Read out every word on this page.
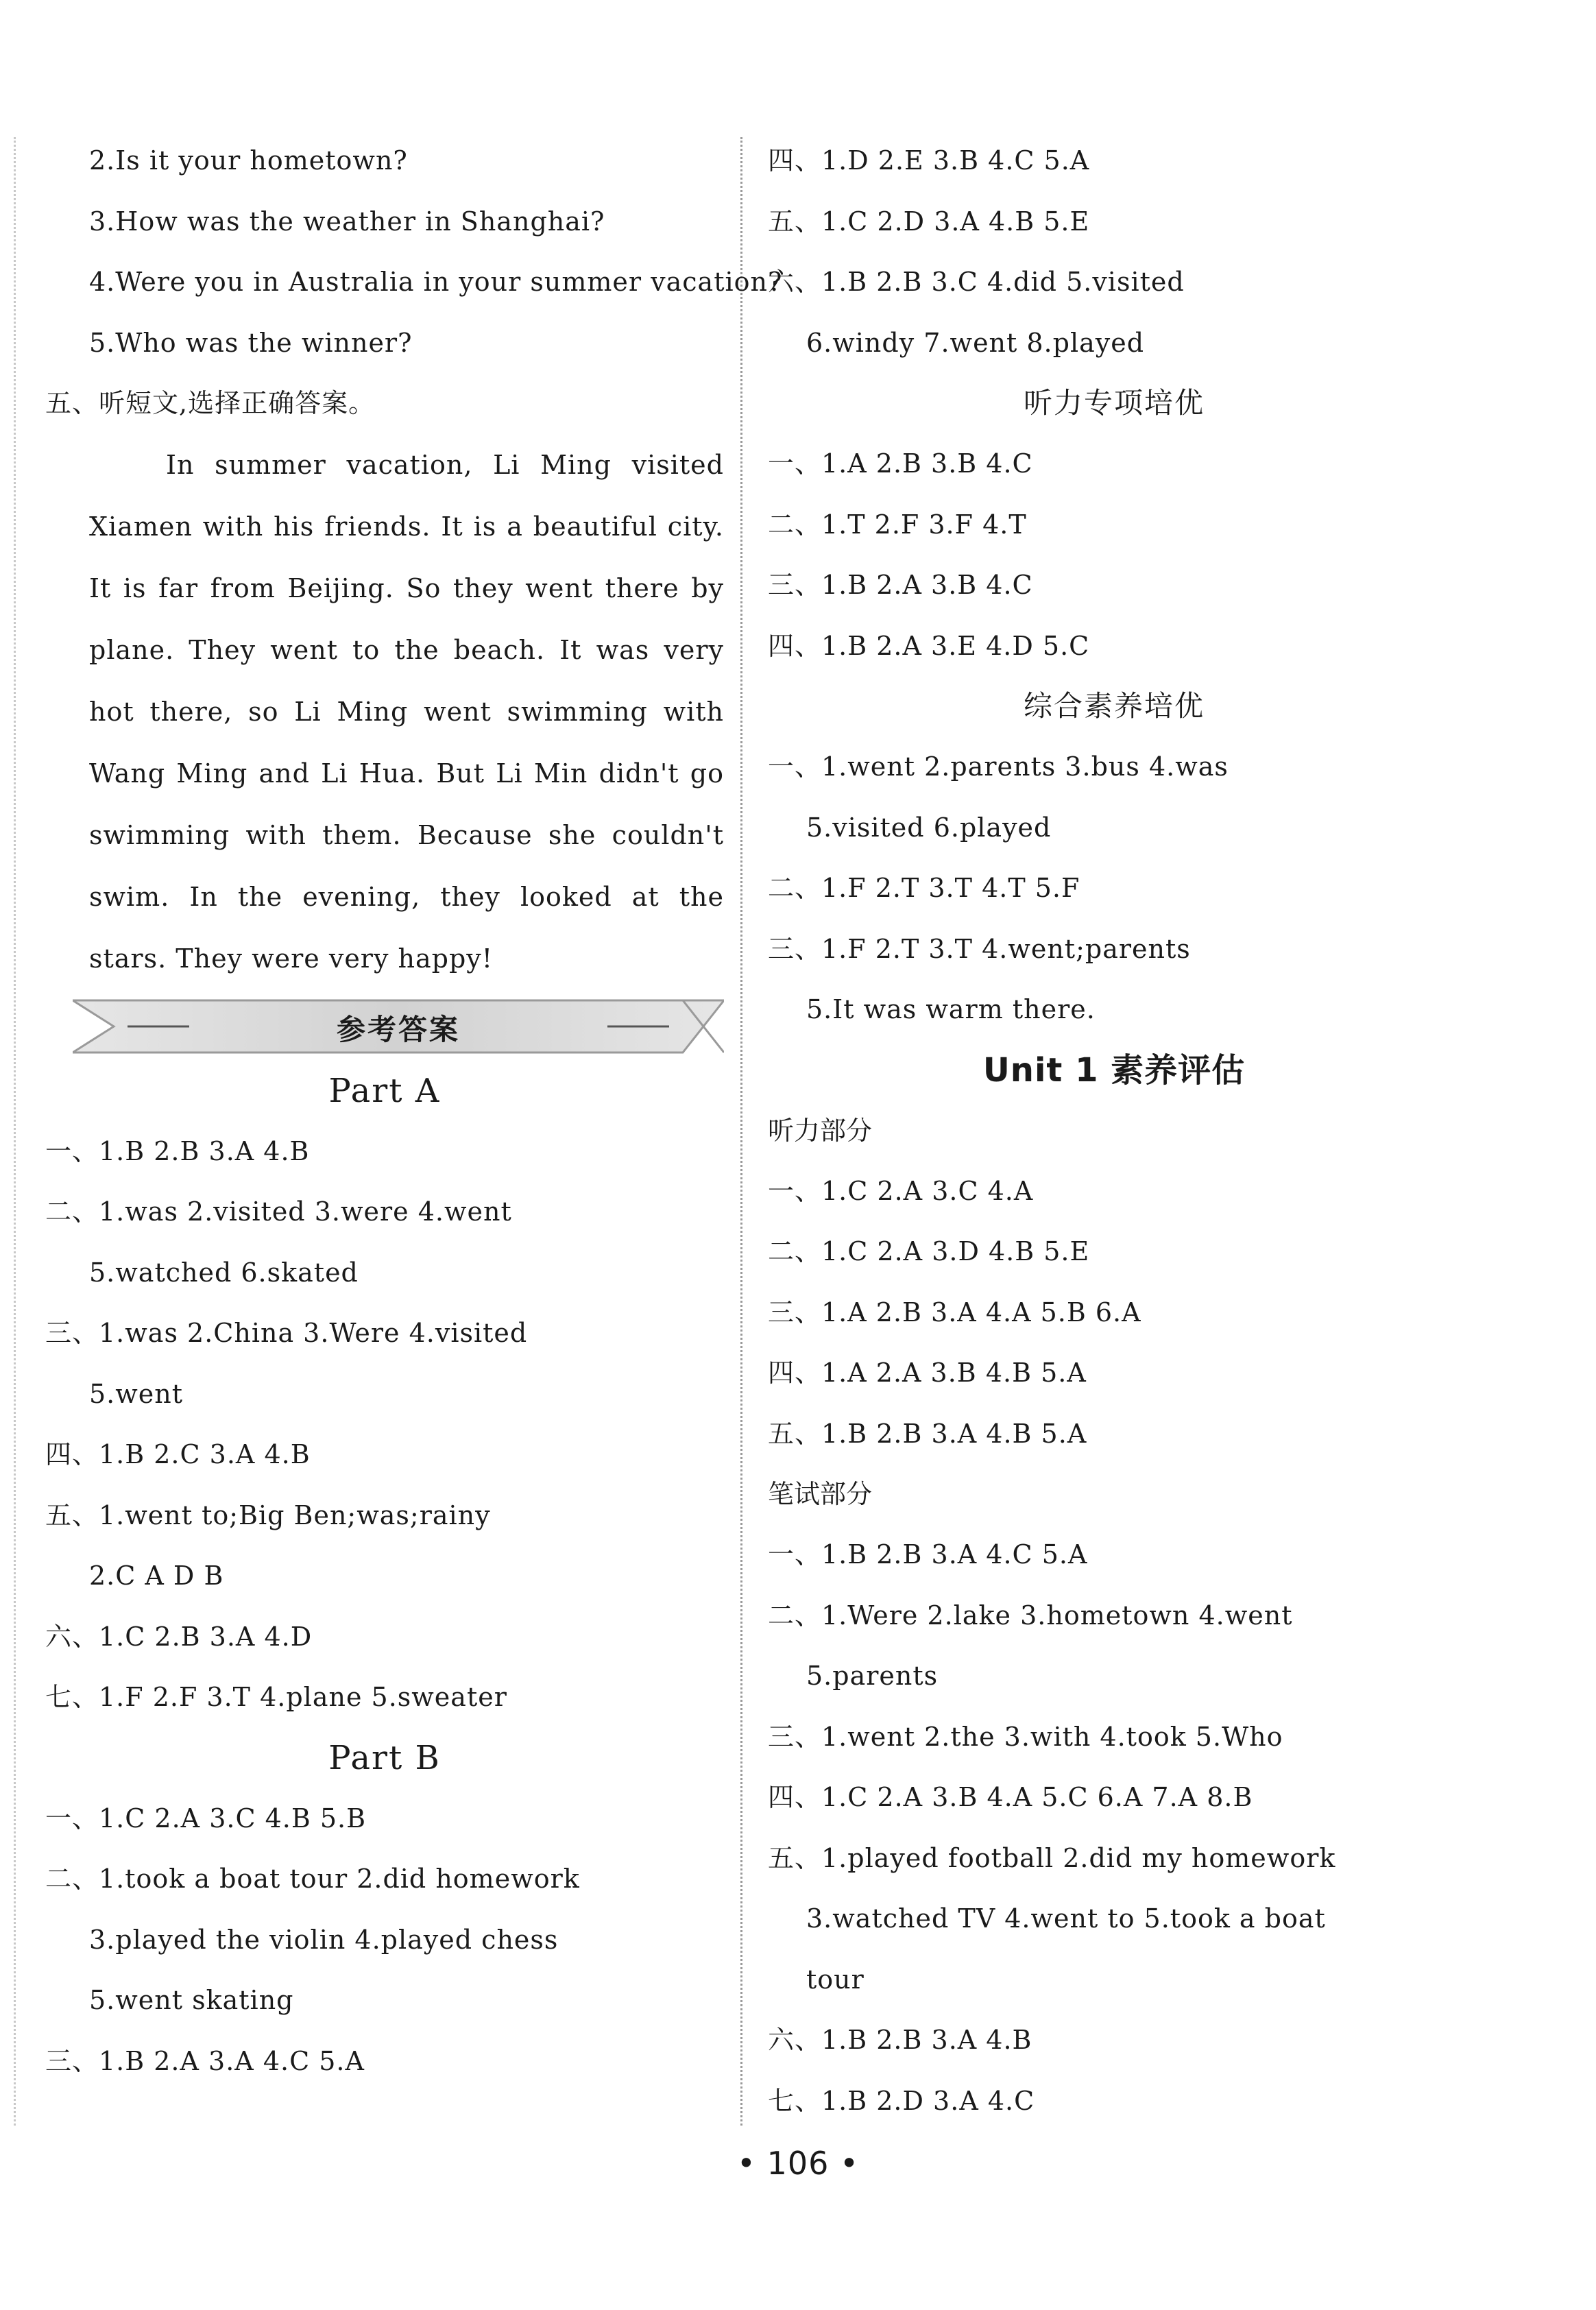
2.Is it your hometown?
3.How was the weather in Shanghai?
4.Were you in Australia in your summer vacation?
5.Who was the winner?
五、听短文,选择正确答案。
In summer vacation, Li Ming visited Xiamen with his friends. It is a beautiful city. It is far from Beijing. So they went there by plane. They went to the beach. It was very hot there, so Li Ming went swimming with Wang Ming and Li Hua. But Li Min didn't go swimming with them. Because she couldn't swim. In the evening, they looked at the stars. They were very happy!
参考答案
Part A
一、1.B 2.B 3.A 4.B
二、1.was 2.visited 3.were 4.went
5.watched 6.skated
三、1.was 2.China 3.Were 4.visited
5.went
四、1.B 2.C 3.A 4.B
五、1.went to;Big Ben;was;rainy
2.C A D B
六、1.C 2.B 3.A 4.D
七、1.F 2.F 3.T 4.plane 5.sweater
Part B
一、1.C 2.A 3.C 4.B 5.B
二、1.took a boat tour 2.did homework
3.played the violin 4.played chess
5.went skating
三、1.B 2.A 3.A 4.C 5.A
四、1.D 2.E 3.B 4.C 5.A
五、1.C 2.D 3.A 4.B 5.E
六、1.B 2.B 3.C 4.did 5.visited
6.windy 7.went 8.played
听力专项培优
一、1.A 2.B 3.B 4.C
二、1.T 2.F 3.F 4.T
三、1.B 2.A 3.B 4.C
四、1.B 2.A 3.E 4.D 5.C
综合素养培优
一、1.went 2.parents 3.bus 4.was
5.visited 6.played
二、1.F 2.T 3.T 4.T 5.F
三、1.F 2.T 3.T 4.went;parents
5.It was warm there.
Unit 1 素养评估
听力部分
一、1.C 2.A 3.C 4.A
二、1.C 2.A 3.D 4.B 5.E
三、1.A 2.B 3.A 4.A 5.B 6.A
四、1.A 2.A 3.B 4.B 5.A
五、1.B 2.B 3.A 4.B 5.A
笔试部分
一、1.B 2.B 3.A 4.C 5.A
二、1.Were 2.lake 3.hometown 4.went
5.parents
三、1.went 2.the 3.with 4.took 5.Who
四、1.C 2.A 3.B 4.A 5.C 6.A 7.A 8.B
五、1.played football 2.did my homework
3.watched TV 4.went to 5.took a boat
tour
六、1.B 2.B 3.A 4.B
七、1.B 2.D 3.A 4.C
• 106 •
